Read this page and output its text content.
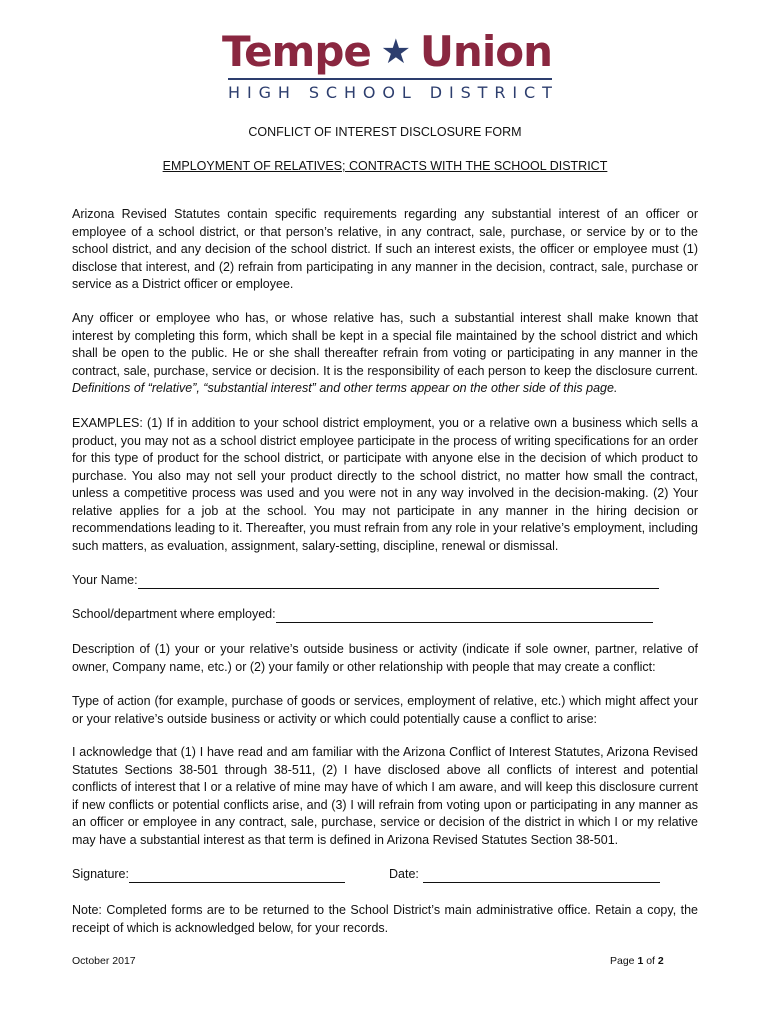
Tempe ★ Union
H I G H
S C H O O L
D I S T R I C T
CONFLICT OF INTEREST DISCLOSURE FORM
EMPLOYMENT OF RELATIVES; CONTRACTS WITH THE SCHOOL DISTRICT

Arizona Revised Statutes contain specific requirements regarding any substantial interest of an officer or employee of a school district, or that person’s relative, in any contract, sale, purchase, or service by or to the school district, and any decision of the school district. If such an interest exists, the officer or employee must (1) disclose that interest, and (2) refrain from participating in any manner in the decision, contract, sale, purchase or service as a District officer or employee.

Any officer or employee who has, or whose relative has, such a substantial interest shall make known that interest by completing this form, which shall be kept in a special file maintained by the school district and which shall be open to the public. He or she shall thereafter refrain from voting or participating in any manner in the contract, sale, purchase, service or decision. It is the responsibility of each person to keep the disclosure current. Definitions of “relative”, “substantial interest” and other terms appear on the other side of this page.

EXAMPLES: (1) If in addition to your school district employment, you or a relative own a business which sells a product, you may not as a school district employee participate in the process of writing specifications for an order for this type of product for the school district, or participate with anyone else in the decision of which product to purchase. You also may not sell your product directly to the school district, no matter how small the contract, unless a competitive process was used and you were not in any way involved in the decision-making. (2) Your relative applies for a job at the school. You may not participate in any manner in the hiring decision or recommendations leading to it. Thereafter, you must refrain from any role in your relative’s employment, including such matters, as evaluation, assignment, salary-setting, discipline, renewal or dismissal.

Your Name:
School/department where employed:

Description of (1) your or your relative’s outside business or activity (indicate if sole owner, partner, relative of owner, Company name, etc.) or (2) your family or other relationship with people that may create a conflict:

Type of action (for example, purchase of goods or services, employment of relative, etc.) which might affect your or your relative’s outside business or activity or which could potentially cause a conflict to arise:

I acknowledge that (1) I have read and am familiar with the Arizona Conflict of Interest Statutes, Arizona Revised Statutes Sections 38-501 through 38-511, (2) I have disclosed above all conflicts of interest and potential conflicts of interest that I or a relative of mine may have of which I am aware, and will keep this disclosure current if new conflicts or potential conflicts arise, and (3) I will refrain from voting upon or participating in any manner as an officer or employee in any contract, sale, purchase, service or decision of the district in which I or my relative may have a substantial interest as that term is defined in Arizona Revised Statutes Section 38-501.

Signature:	Date:

Note: Completed forms are to be returned to the School District’s main administrative office. Retain a copy, the receipt of which is acknowledged below, for your records.

October 2017	Page 1 of 2
